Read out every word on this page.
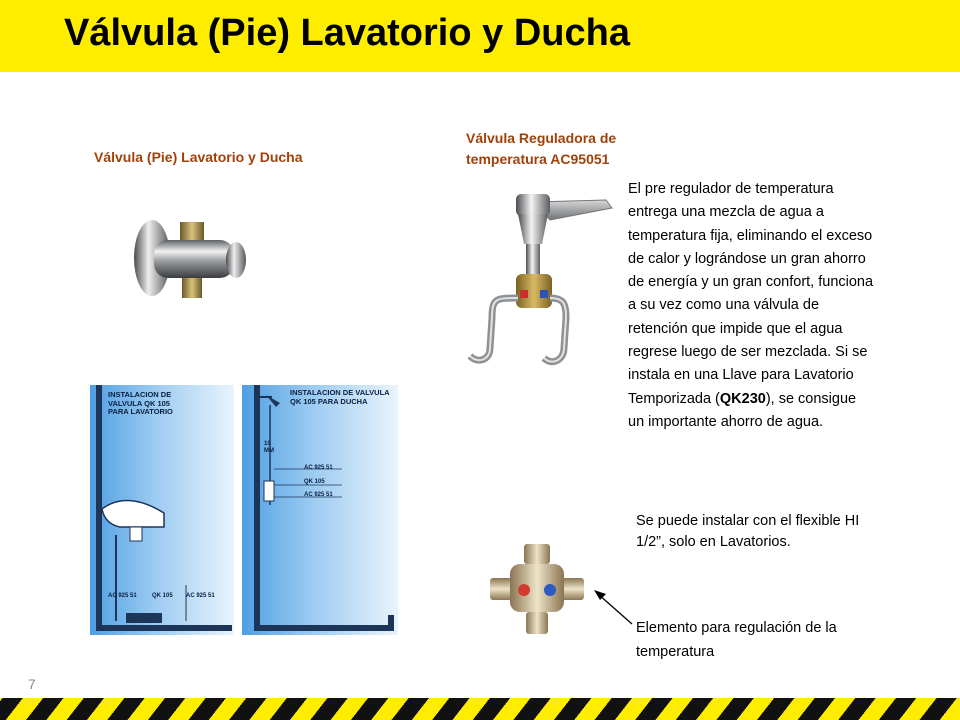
Válvula (Pie) Lavatorio y Ducha
Válvula (Pie) Lavatorio y Ducha
Válvula Reguladora de
temperatura AC95051
El pre regulador de temperatura entrega una mezcla de agua a temperatura fija, eliminando el exceso de calor y lográndose un gran ahorro de energía y un gran confort, funciona a su vez como una válvula de retención que impide que el agua regrese luego de ser mezclada. Si se instala en una Llave para Lavatorio Temporizada (QK230), se consigue un importante ahorro de agua.
INSTALACION DE
VALVULA QK 105
PARA LAVATORIO
AC 925 51	QK 105 AC 925 51
INSTALACION DE VALVULA
QK 105 PARA DUCHA
10
MM
AC 925 51
QK 105
AC 925 51
Se puede instalar con el flexible HI 1/2”, solo en Lavatorios.
Elemento para regulación de la temperatura
7
